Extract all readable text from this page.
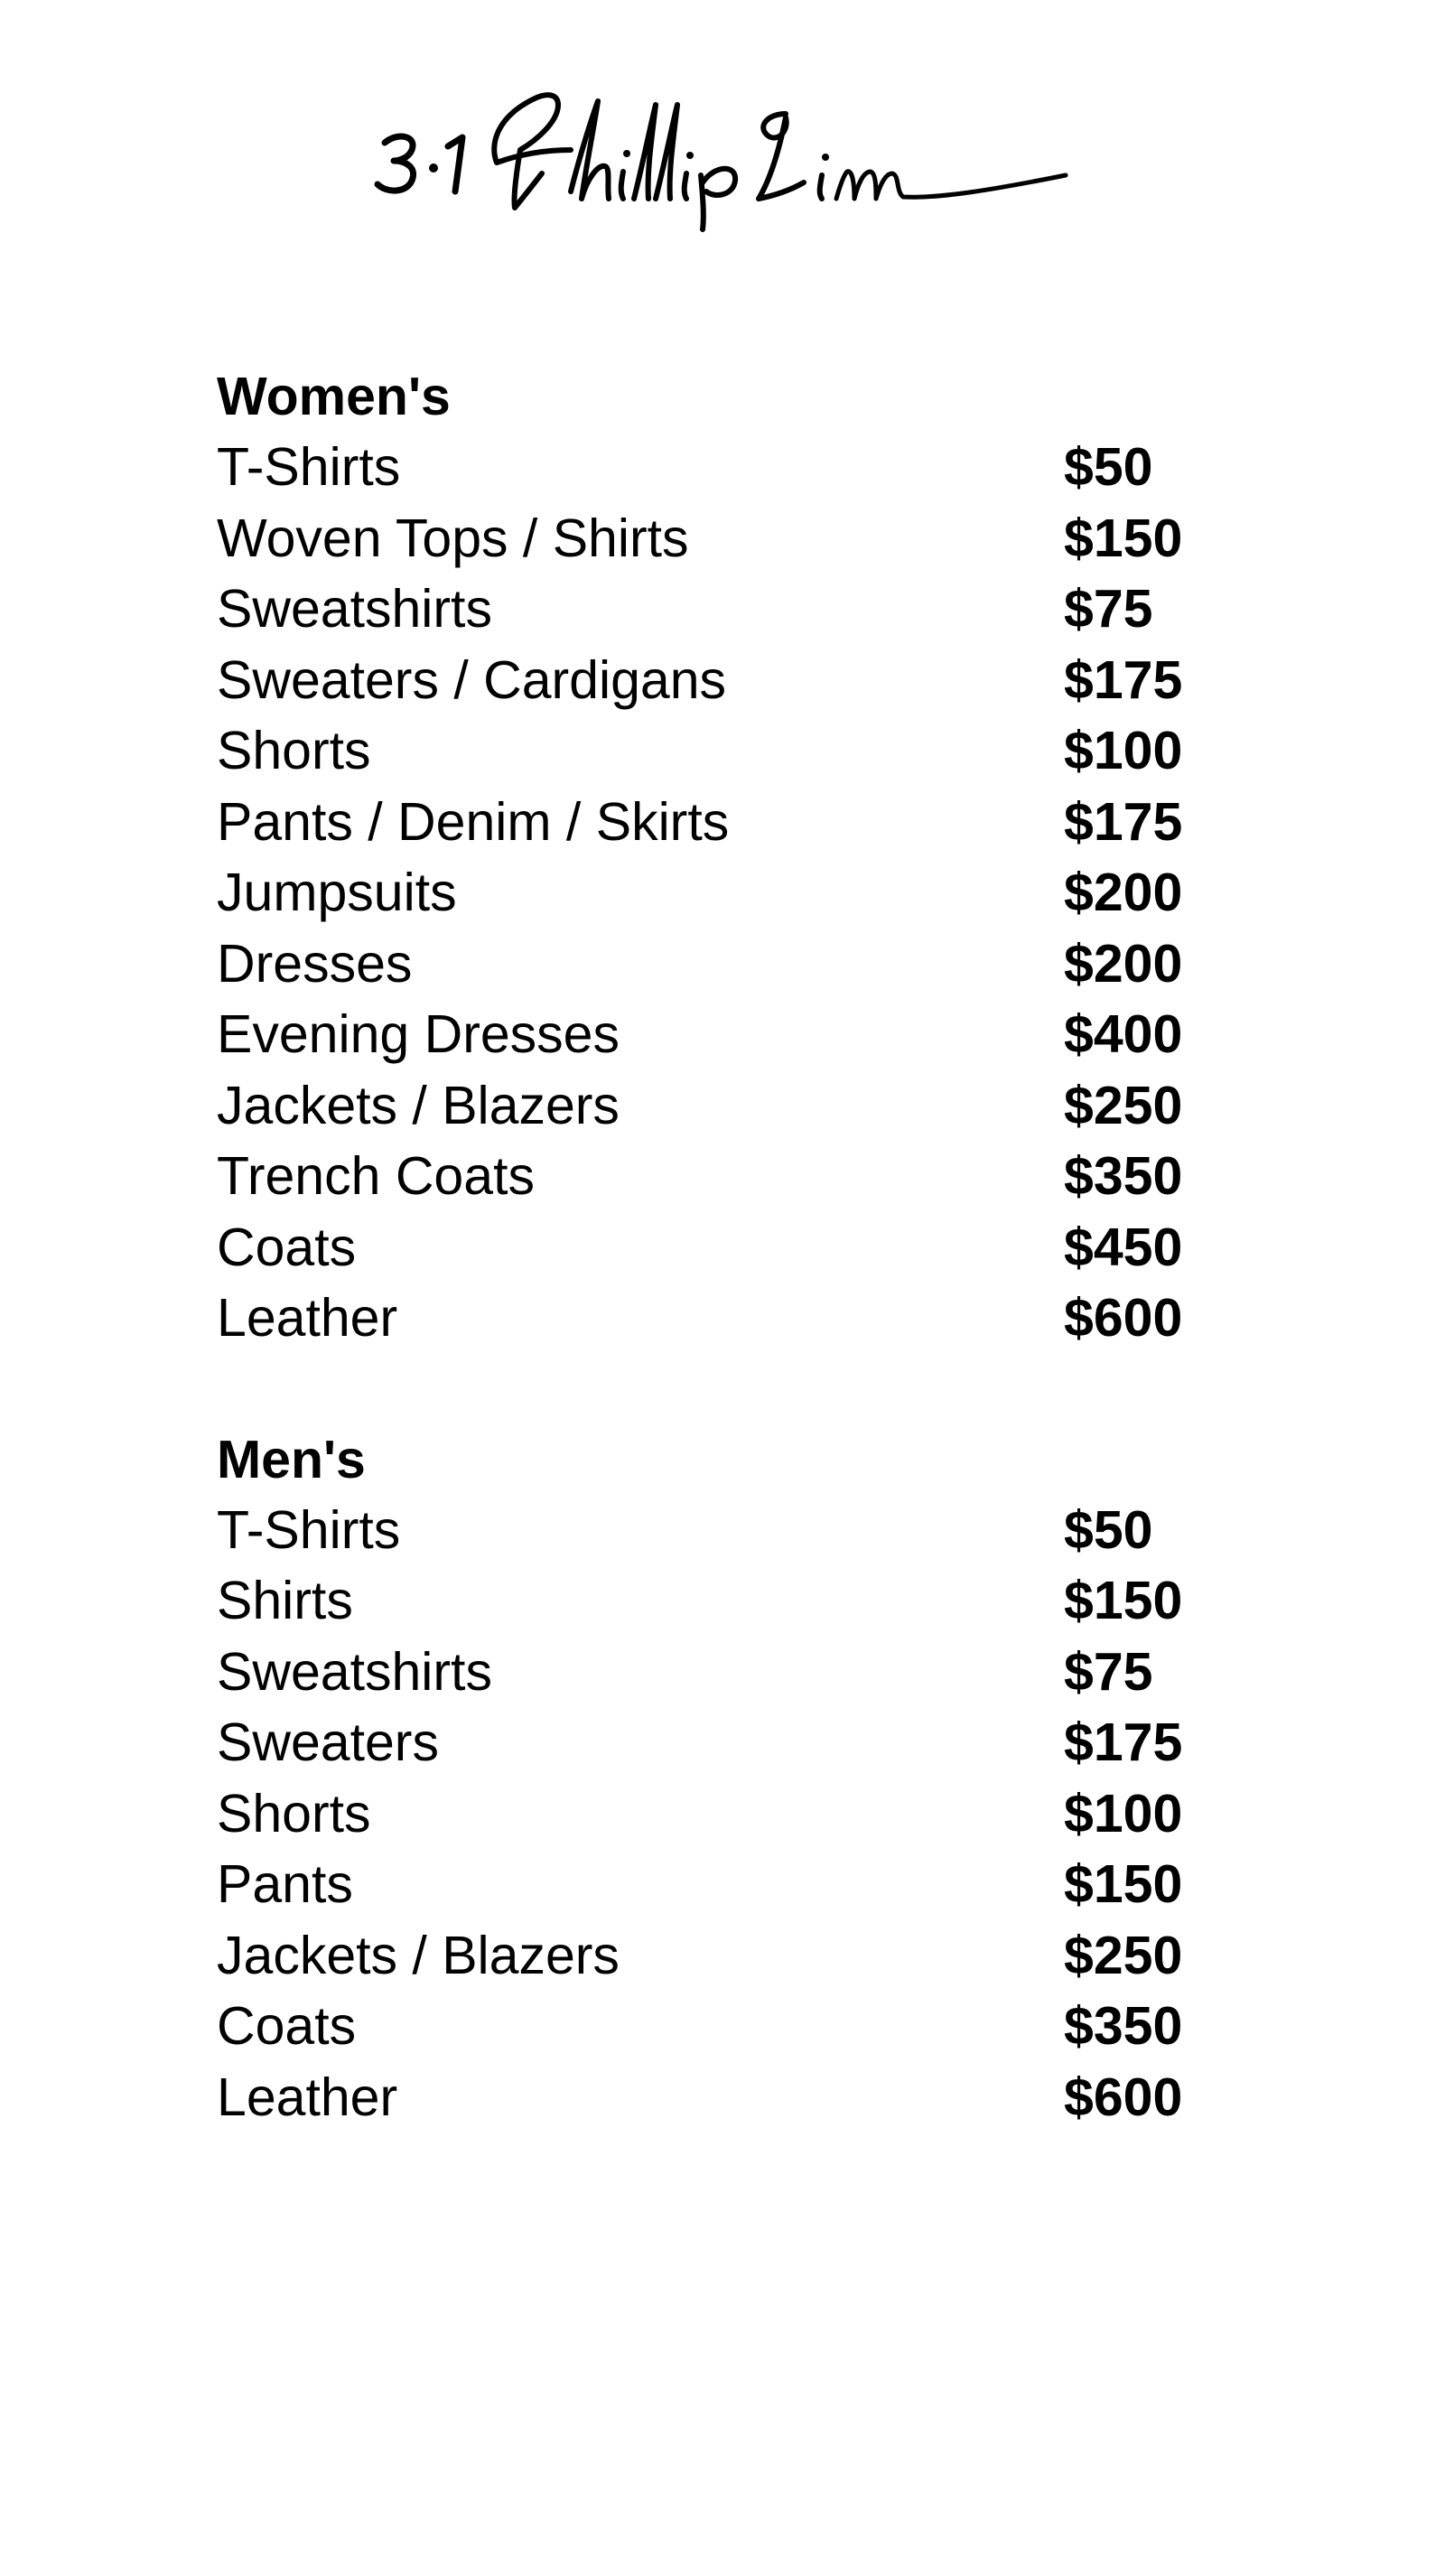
Women's
T-Shirts	$50
Woven Tops / Shirts	$150
Sweatshirts	$75
Sweaters / Cardigans	$175
Shorts	$100
Pants / Denim / Skirts	$175
Jumpsuits	$200
Dresses	$200
Evening Dresses	$400
Jackets / Blazers	$250
Trench Coats	$350
Coats	$450
Leather	$600
Men's
T-Shirts	$50
Shirts	$150
Sweatshirts	$75
Sweaters	$175
Shorts	$100
Pants	$150
Jackets / Blazers	$250
Coats	$350
Leather	$600
